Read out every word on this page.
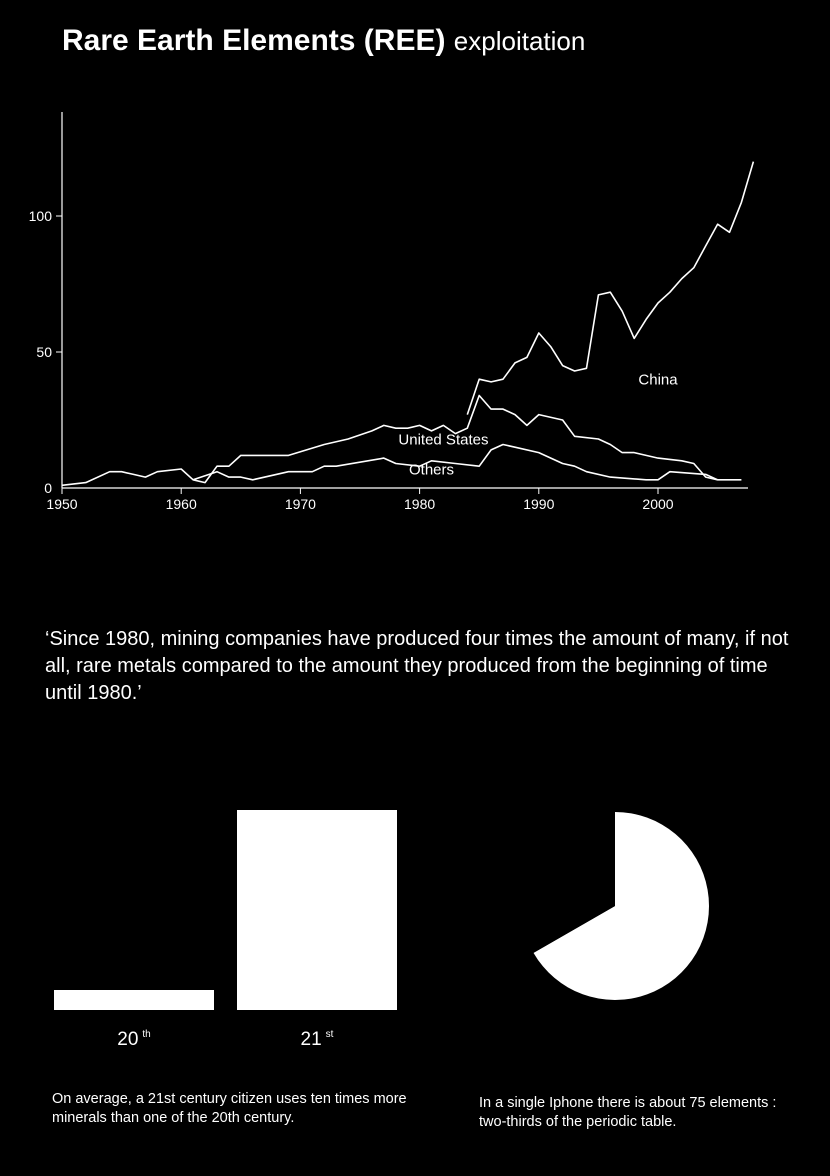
Rare Earth Elements (REE) exploitation
1950	1960	1970	1980	1990	2000
0
50
100
China
United States
Others
‘Since 1980, mining companies have produced four times the amount of many, if not all, rare metals compared to the amount they produced from the beginning of time until 1980.’
20 $^{th}$	21 $^{st}$
On average, a 21st century citizen uses ten times more minerals than one of the 20th century.
In a single Iphone there is about 75 elements : two-thirds of the periodic table.
